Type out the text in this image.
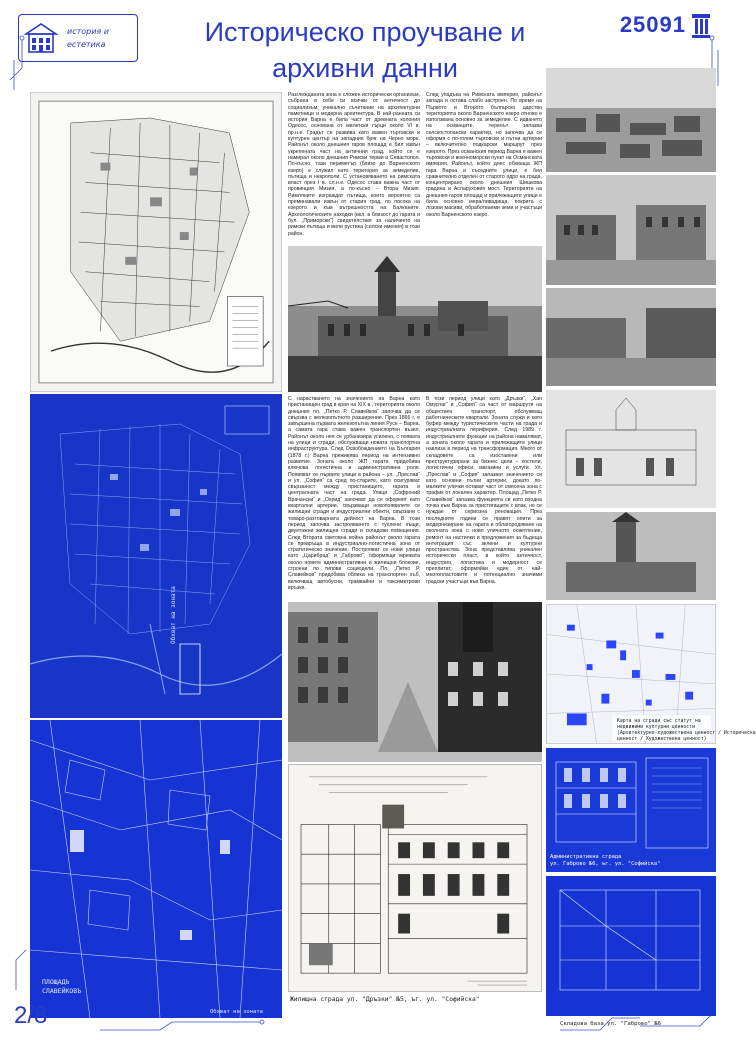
история и
естетика	Историческо проучване и
архивни данни
25091
Обхват на зоната
ПЛОЩАДЪ
СЛАВЕЙКОВЪ
Обхват на зоната
Разглежданата зона е сложен исторически организъм, събрана в себе си всички от античност до социализъм, уникално съчетание на архитектурни паметници и модерна архитектура. В най-ранната си история Варна е била част от древната колония Одесос, основана от милетски гърци около VI в. пр.н.е. Градът се развива като важен търговски и културен център на западния бряг на Черно море. Районът около днешния гаров площад е бил извън укрепената част на античния град, който се е намирал около днешния Римски терми и Севастопол. По-късно, тази периметър (близо до Варненското езеро) е служил като територия за земеделие, пътища и некрополи. С установяването на римската власт през I в. сл.н.е. Одесос става важна част от провинция Мизия, а по-късно – Втора Мизия. Римляните изграждат пътища, които вероятно са преминавали извън от стария град, по посока на езерото и към вътрешността на Балканите. Археологическите находки (вкл. в близост до гарата и бул. „Приморски“) свидетелстват за наличието на римски пътища и вили рустика (селски имения) в този район.
След упадъка на Римската империя, районът запада и остава слабо застроен. По време на Първото и Второто българско царство територията около Варненското езеро отново е използвана основно за земеделие. С идването на османците, теренът запазва селскостопански характер, но започва да се оформя с по-голям търговски и пътни артерии – включително подкарски маршрут през езерото. През османския период Варна е важен търговски и военноморски пункт на Османската империя. Районът, който днес обхваща ЖП гара Варна и съседните улици, е бил сравнително отделен от старото ядро на града, концентрирано около днешния Шишкова градина и Асларуховия мост. Територията на днешния гаров площад и прилежащите улици е била основно мера/ливадища, покрита с лозови масиви, обработваеми земи и участъци около Варненското езеро.
С нарастването на значението на Варна като пристанищен град в края на XIX в., територията около днешния пл. „Петко Р. Славейков“ започва да се свързва с железопътното разширение. През 1866 г. е завършена първата железопътна линия Русе – Варна, а самата гара става важен транспортен възел. Районът около нея се урбанизира усилено, с появата на улици и сгради, обслужващи новата транспортна инфраструктура. След Освобождението на България (1878 г.) Варна преживява период на интензивно развитие. Зоната около ЖП гарата придобива ключова логистична и административна роля. Появяват се първите улици в района – ул. „Преслав“ и ул. „София“ са сред по-старите, като осигуряват свързаност между пристанището, гарата и централната част на града. Улици „Софроний Врачански“ и „Охрид“ започват да се оформят като квартални артерии, свързващи новопоявилите се жилищни сгради и индустриални обекти, свързани с товаро-разтоварната дейност на Варна. В този период започва застрояването с тухлени къщи, двуетажни жилищни сгради и складови помещения. След Втората световна война районът около гарата се превръща в индустриално-логистична зона от стратегическо значение. Построяват се нови улици като „Царибрад“ и „Габрово“, оформящи мрежата около новите административни и жилищни блокове, строени по типови социодели. Пл. „Петко Р. Славейков“ придобива облика на транспортен хъб, включващ автобусни, трамвайни и таксиметрови връзки.
В този период улици като „Дръзки“, „Хан Омуртаг“ и „София“ са част от маршрути на обществен транспорт, обслужващ работническите квартали. Зоната служи и като буфер между туристическите части на града и индустриалната периферия. След 1989 г. индустриалните функции на района намаляват, а зоната около гарата и прилежащите улици навлиза в период на трансформация. Много от складовете са изоставени или преструктурирани за бизнес цели – хостели, логистични офиси, магазини и услуги. Ул. „Преслав“ и „София“ запазват значението си като основни пътни артерии, докато по-малките улички остават част от смесена зона с трафик от локален характер. Площад „Петко Р. Славейков“ запазва функцията си като входна точка към Варна за пристигащите с влак, но се нуждае от сериозна реновация. През последните години се правят опити за модернизиране на гарата и облагородяване на околната зона с ново уличното осветление, ремонт на настилки и предложения за бъдеща интеграция със зелени и културни пространства. Зона представлява уникален исторически пласт, в който античност, индустрия, логистика и модерност се преплитат, оформяйки един от най-многопластовите и потенциално значими градски участъци във Варна.
Жилищна сграда ул. "Дръзки" №5, ъг. ул. "Софийска"
Карта на сгради със статут на
недвижими културни ценности
(Архитектурно-художествена ценност / Историческа
ценност / Художествена ценност)
Административна сграда
ул. Габрово №6, ъг. ул. "Софийска"
Складова база ул. "Габрово" №6
2/8
